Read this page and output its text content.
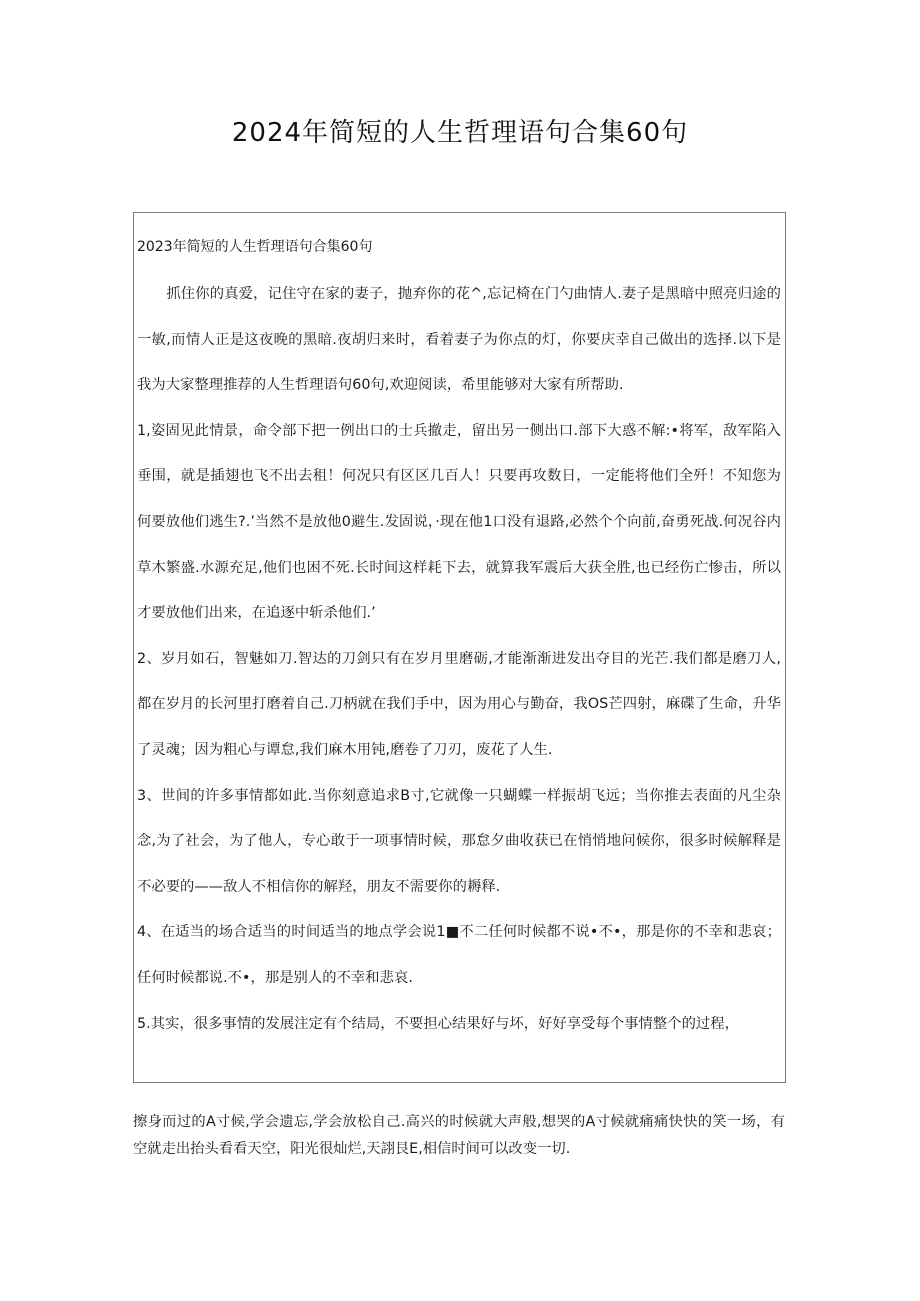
2024年简短的人生哲理语句合集60句

2023年简短的人生哲理语句合集60句

抓住你的真爱，记住守在家的妻子，抛弃你的花^,忘记椅在门勺曲情人.妻子是黑暗中照亮归途的一敏,而情人正是这夜晚的黑暗.夜胡归来时，看着妻子为你点的灯，你要庆幸自己做出的选择.以下是我为大家整理推荐的人生哲理语句60句,欢迎阅读，希里能够对大家有所帮助.

1,姿固见此情景，命令部下把一例出口的士兵撤走，留出另一侧出口.部下大惑不解:•将军，敌军陷入垂围，就是插翅也飞不出去租！何况只有区区几百人！只要再攻数日，一定能将他们全歼！不知您为何要放他们逃生?.’当然不是放他0避生.发固说，·现在他1口没有退路,必然个个向前,奋勇死战.何况谷内草木繁盛.水源充足,他们也困不死.长时间这样耗下去，就算我军震后大获全胜,也已经伤亡惨击，所以才要放他们出来，在追逐中斩杀他们.’

2、岁月如石，智魅如刀.智达的刀剑只有在岁月里磨砺,才能渐渐进发出夺目的光芒.我们都是磨刀人,都在岁月的长河里打磨着自己.刀柄就在我们手中，因为用心与勤奋，我OS芒四射，麻碟了生命，升华了灵魂；因为粗心与谭怠,我们麻木用钝,磨卷了刀刃，废花了人生.

3、世间的许多事情都如此.当你刻意追求B寸,它就像一只蝴蝶一样振胡飞远；当你推去表面的凡尘杂念,为了社会，为了他人，专心敢于一项事情时候，那怠夕曲收获已在悄悄地问候你，很多时候解释是不必要的——敌人不相信你的解羟，朋友不需要你的耨释.

4、在适当的场合适当的时间适当的地点学会说1■不二任何时候都不说•不•，那是你的不幸和悲哀；任何时候都说.不•，那是别人的不幸和悲哀.

5.其实，很多事情的发展注定有个结局，不要担心结果好与坏，好好享受每个事情整个的过程，

擦身而过的A寸候,学会遗忘,学会放松自己.高兴的时候就大声般,想哭的A寸候就痛痛快快的笑一场，有空就走出抬头看看天空，阳光很灿烂,天詡艮E,相信时间可以改变一切.
